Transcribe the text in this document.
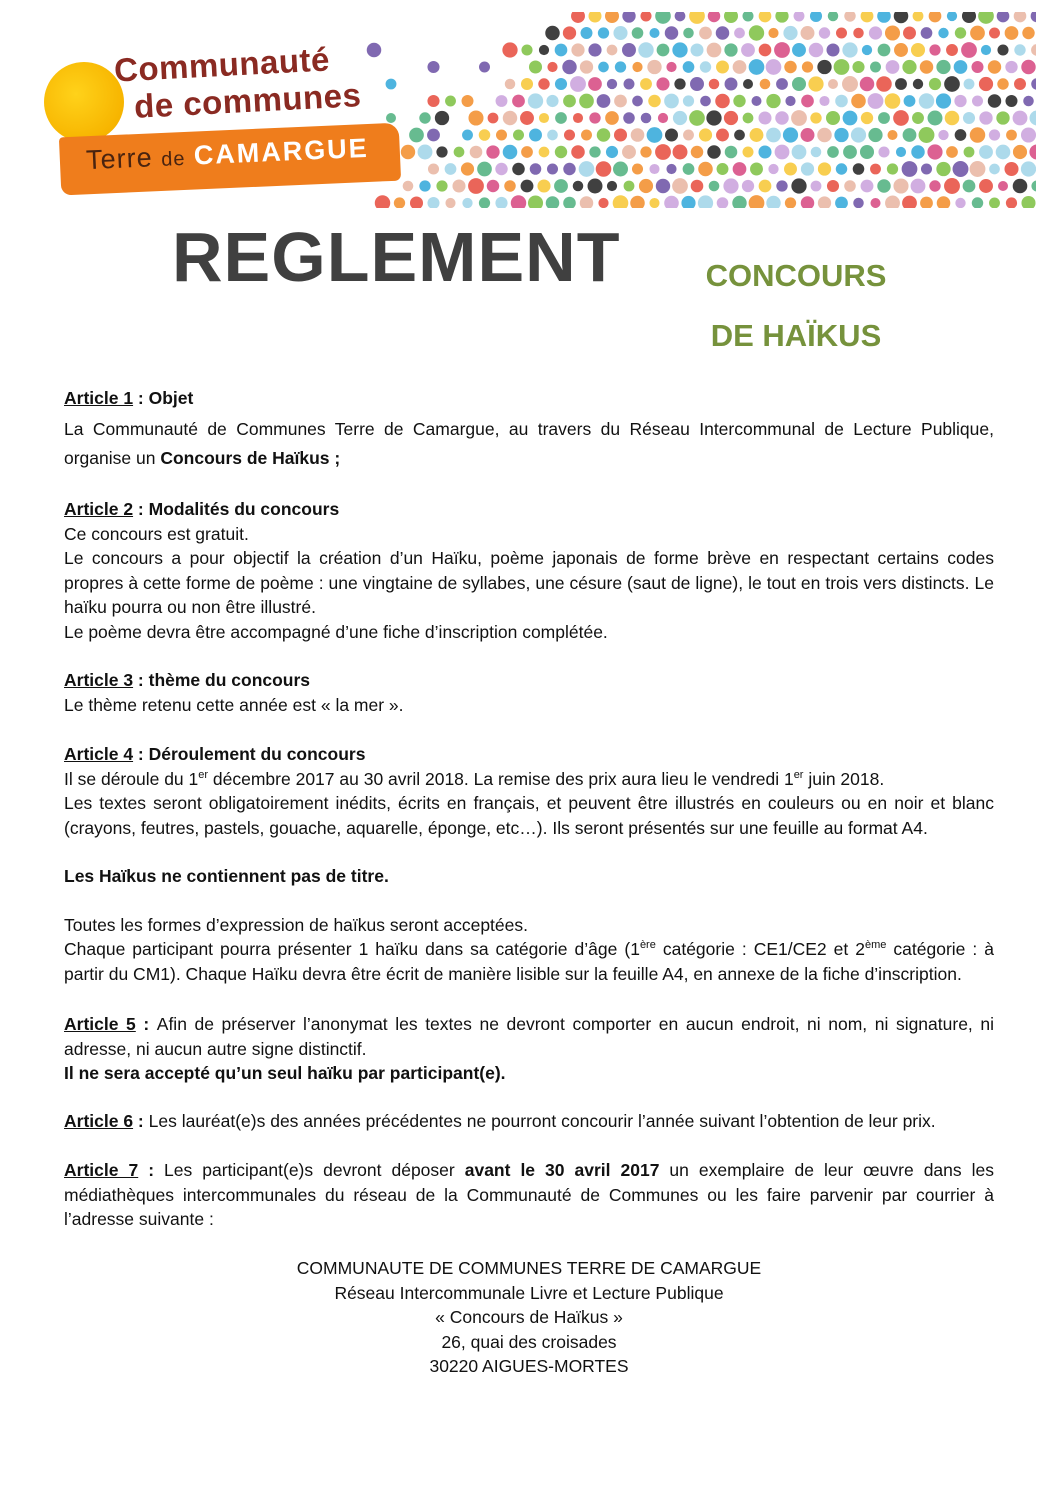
Communauté
de communes
Terre de CAMARGUE
REGLEMENT	CONCOURS
DE HAÏKUS
Article 1 : Objet
La Communauté de Communes Terre de Camargue, au travers du Réseau Intercommunal de Lecture Publique, organise un Concours de Haïkus ;
Article 2 : Modalités du concours

Ce concours est gratuit.

Le concours a pour objectif la création d’un Haïku, poème japonais de forme brève en respectant certains codes propres à cette forme de poème : une vingtaine de syllabes, une césure (saut de ligne), le tout en trois vers distincts. Le haïku pourra ou non être illustré.

Le poème devra être accompagné d’une fiche d’inscription complétée.

Article 3 : thème du concours

Le thème retenu cette année est « la mer ».

Article 4 : Déroulement du concours

Il se déroule du 1er décembre 2017 au 30 avril 2018. La remise des prix aura lieu le vendredi 1er juin 2018.

Les textes seront obligatoirement inédits, écrits en français, et peuvent être illustrés en couleurs ou en noir et blanc (crayons, feutres, pastels, gouache, aquarelle, éponge, etc…). Ils seront présentés sur une feuille au format A4.

Les Haïkus ne contiennent pas de titre.

Toutes les formes d’expression de haïkus seront acceptées.

Chaque participant pourra présenter 1 haïku dans sa catégorie d’âge (1ère catégorie : CE1/CE2 et 2ème catégorie : à partir du CM1). Chaque Haïku devra être écrit de manière lisible sur la feuille A4, en annexe de la fiche d’inscription.

Article 5 : Afin de préserver l’anonymat les textes ne devront comporter en aucun endroit, ni nom, ni signature, ni adresse, ni aucun autre signe distinctif.

Il ne sera accepté qu’un seul haïku par participant(e).

Article 6 : Les lauréat(e)s des années précédentes ne pourront concourir l’année suivant l’obtention de leur prix.

Article 7 : Les participant(e)s devront déposer avant le 30 avril 2017 un exemplaire de leur œuvre dans les médiathèques intercommunales du réseau de la Communauté de Communes ou les faire parvenir par courrier à l’adresse suivante :

COMMUNAUTE DE COMMUNES TERRE DE CAMARGUE
Réseau Intercommunale Livre et Lecture Publique
« Concours de Haïkus »
26, quai des croisades
30220 AIGUES-MORTES
